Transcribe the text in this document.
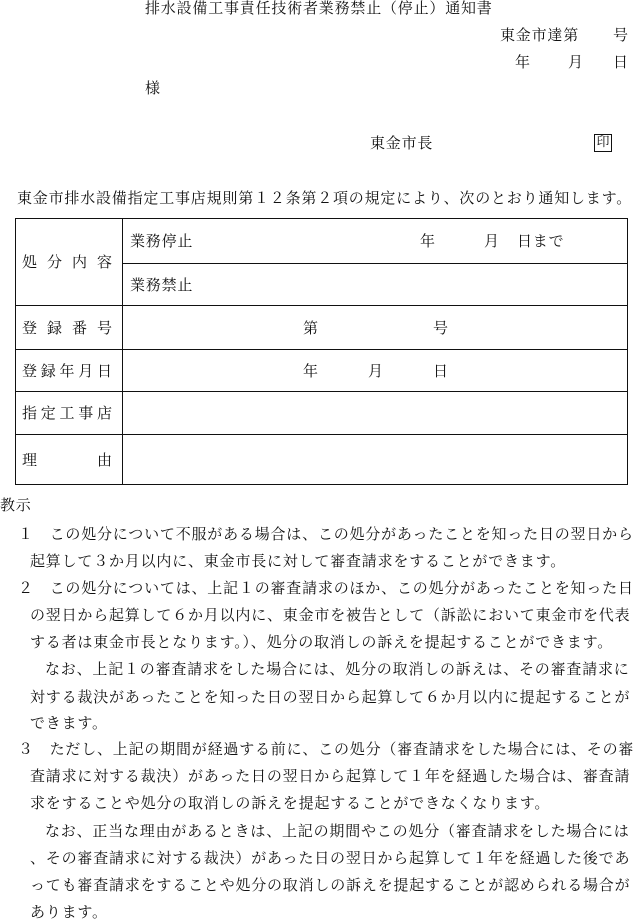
排水設備工事責任技術者業務禁止（停止）通知書
東金市達第 号
年 月 日
様
東金市長	印
東金市排水設備指定工事店規則第１２条第２項の規定により、次のとおり通知します。
処分内容
業務停止	年	月 日まで
業務禁止
登録番号	第	号
登録年月日	年	月	日
指定工事店
理由
教示
１　この処分について不服がある場合は、この処分があったことを知った日の翌日から
起算して３か月以内に、東金市長に対して審査請求をすることができます。
２　この処分については、上記１の審査請求のほか、この処分があったことを知った日
の翌日から起算して６か月以内に、東金市を被告として（訴訟において東金市を代表
する者は東金市長となります。）、処分の取消しの訴えを提起することができます。
なお、上記１の審査請求をした場合には、処分の取消しの訴えは、その審査請求に
対する裁決があったことを知った日の翌日から起算して６か月以内に提起することが
できます。
３　ただし、上記の期間が経過する前に、この処分（審査請求をした場合には、その審
査請求に対する裁決）があった日の翌日から起算して１年を経過した場合は、審査請
求をすることや処分の取消しの訴えを提起することができなくなります。
なお、正当な理由があるときは、上記の期間やこの処分（審査請求をした場合には
、その審査請求に対する裁決）があった日の翌日から起算して１年を経過した後であ
っても審査請求をすることや処分の取消しの訴えを提起することが認められる場合が
あります。
